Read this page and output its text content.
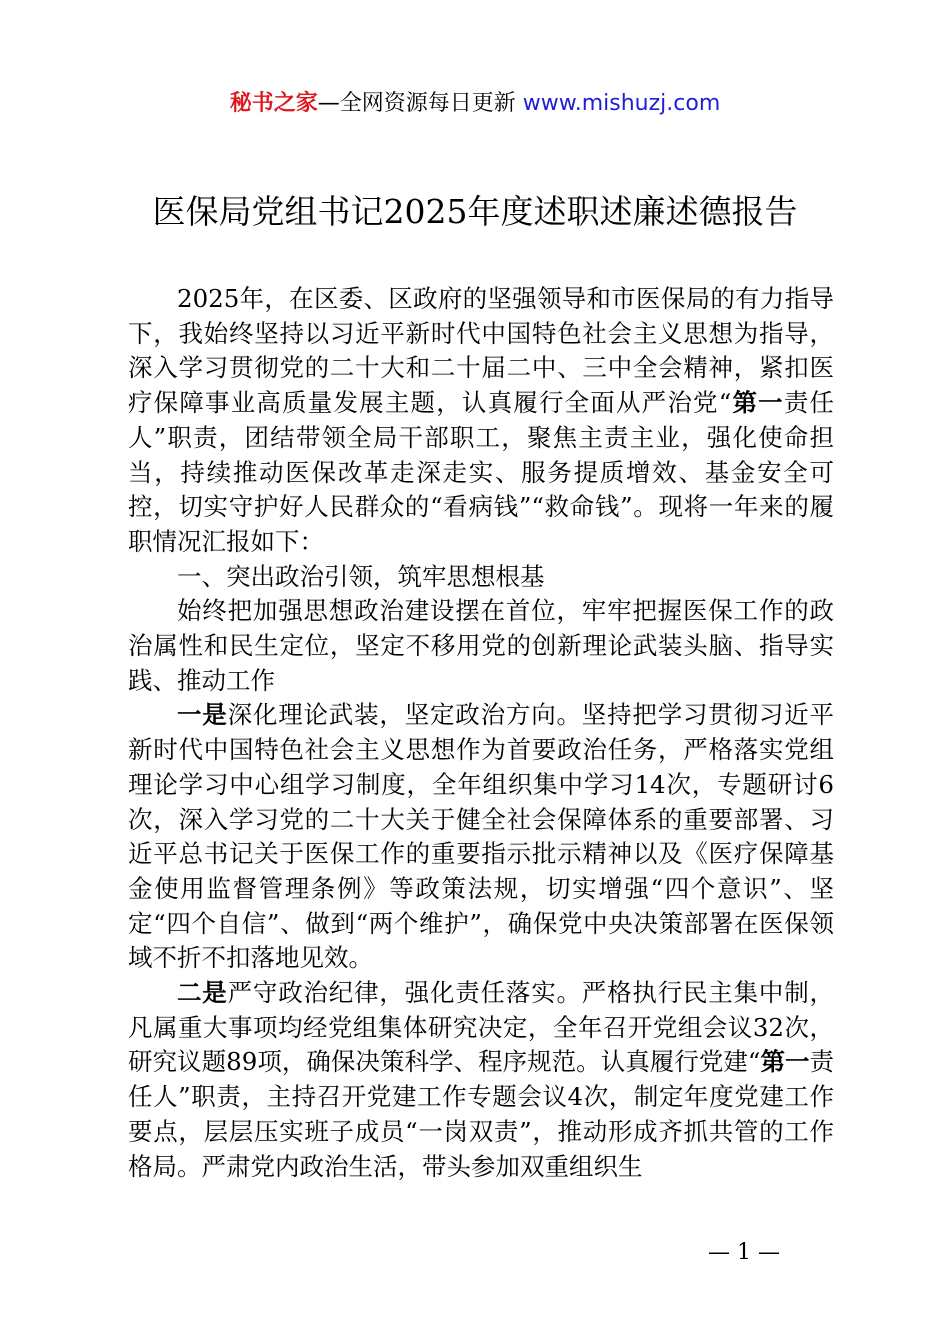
秘书之家—全网资源每日更新 www.mishuzj.com
医保局党组书记2025年度述职述廉述德报告

2025年，在区委、区政府的坚强领导和市医保局的有力指导下，我始终坚持以习近平新时代中国特色社会主义思想为指导，深入学习贯彻党的二十大和二十届二中、三中全会精神，紧扣医疗保障事业高质量发展主题，认真履行全面从严治党“第一责任人”职责，团结带领全局干部职工，聚焦主责主业，强化使命担当，持续推动医保改革走深走实、服务提质增效、基金安全可控，切实守护好人民群众的“看病钱”“救命钱”。现将一年来的履职情况汇报如下：

一、突出政治引领，筑牢思想根基

始终把加强思想政治建设摆在首位，牢牢把握医保工作的政治属性和民生定位，坚定不移用党的创新理论武装头脑、指导实践、推动工作

一是深化理论武装，坚定政治方向。坚持把学习贯彻习近平新时代中国特色社会主义思想作为首要政治任务，严格落实党组理论学习中心组学习制度，全年组织集中学习14次，专题研讨6次，深入学习党的二十大关于健全社会保障体系的重要部署、习近平总书记关于医保工作的重要指示批示精神以及《医疗保障基金使用监督管理条例》等政策法规，切实增强“四个意识”、坚定“四个自信”、做到“两个维护”，确保党中央决策部署在医保领域不折不扣落地见效。

二是严守政治纪律，强化责任落实。严格执行民主集中制，凡属重大事项均经党组集体研究决定，全年召开党组会议32次，研究议题89项，确保决策科学、程序规范。认真履行党建“第一责任人”职责，主持召开党建工作专题会议4次，制定年度党建工作要点，层层压实班子成员“一岗双责”，推动形成齐抓共管的工作格局。严肃党内政治生活，带头参加双重组织生

— 1 —
